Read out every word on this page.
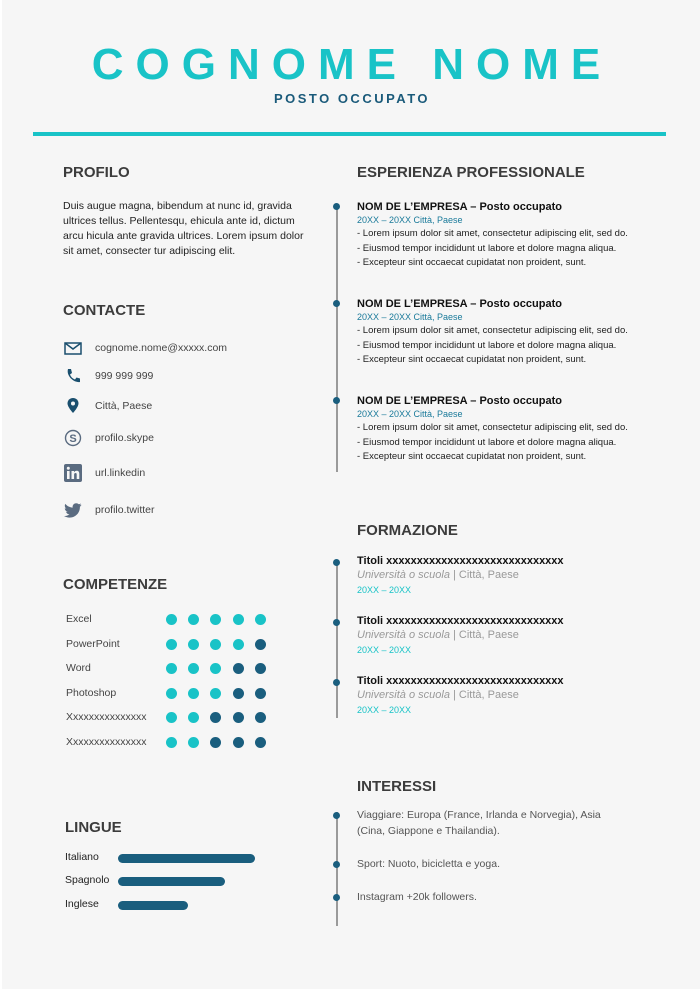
COGNOME NOME
POSTO OCCUPATO
PROFILO
Duis augue magna, bibendum at nunc id, gravida ultrices tellus. Pellentesqu, ehicula ante id, dictum arcu hicula ante gravida ultrices. Lorem ipsum dolor sit amet, consecter tur adipiscing elit.
CONTACTE
cognome.nome@xxxxx.com
999 999 999
Città, Paese
S profilo.skype
url.linkedin
profilo.twitter
COMPETENZE
Excel
PowerPoint
Word
Photoshop
Xxxxxxxxxxxxxxx
Xxxxxxxxxxxxxxx
LINGUE
Italiano
Spagnolo
Inglese
ESPERIENZA PROFESSIONALE
NOM DE L’EMPRESA – Posto occupato
20XX – 20XX Città, Paese
- Lorem ipsum dolor sit amet, consectetur adipiscing elit, sed do.
- Eiusmod tempor incididunt ut labore et dolore magna aliqua.
- Excepteur sint occaecat cupidatat non proident, sunt.
NOM DE L’EMPRESA – Posto occupato
20XX – 20XX Città, Paese
- Lorem ipsum dolor sit amet, consectetur adipiscing elit, sed do.
- Eiusmod tempor incididunt ut labore et dolore magna aliqua.
- Excepteur sint occaecat cupidatat non proident, sunt.
NOM DE L’EMPRESA – Posto occupato
20XX – 20XX Città, Paese
- Lorem ipsum dolor sit amet, consectetur adipiscing elit, sed do.
- Eiusmod tempor incididunt ut labore et dolore magna aliqua.
- Excepteur sint occaecat cupidatat non proident, sunt.
FORMAZIONE
Titoli xxxxxxxxxxxxxxxxxxxxxxxxxxxxx
Università o scuola | Città, Paese
20XX – 20XX
Titoli xxxxxxxxxxxxxxxxxxxxxxxxxxxxx
Università o scuola | Città, Paese
20XX – 20XX
Titoli xxxxxxxxxxxxxxxxxxxxxxxxxxxxx
Università o scuola | Città, Paese
20XX – 20XX
INTERESSI
Viaggiare: Europa (France, Irlanda e Norvegia), Asia (Cina, Giappone e Thailandia).
Sport: Nuoto, bicicletta e yoga.
Instagram +20k followers.
